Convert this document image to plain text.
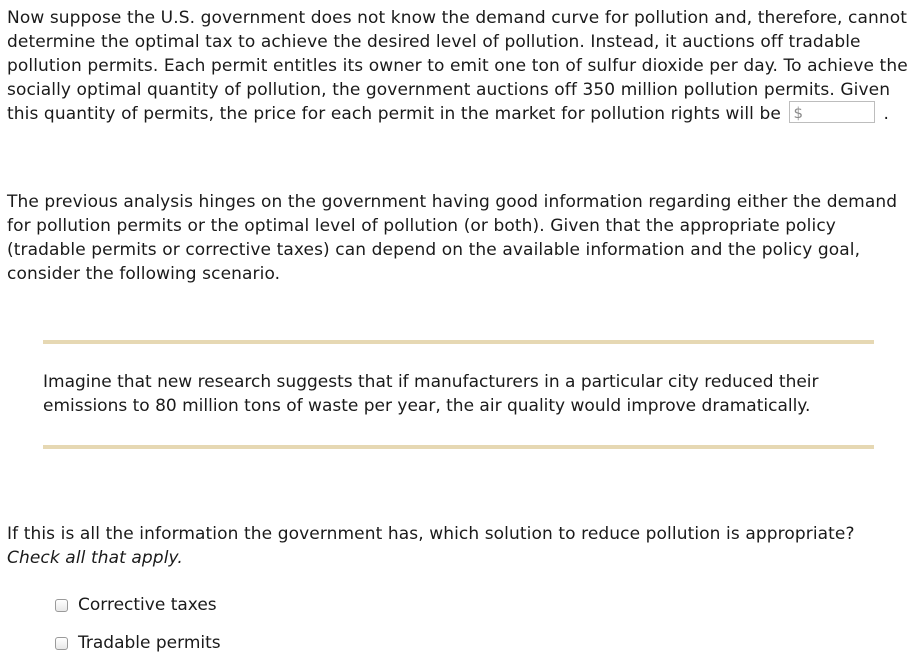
Now suppose the U.S. government does not know the demand curve for pollution and, therefore, cannot determine the optimal tax to achieve the desired level of pollution. Instead, it auctions off tradable pollution permits. Each permit entitles its owner to emit one ton of sulfur dioxide per day. To achieve the socially optimal quantity of pollution, the government auctions off 350 million pollution permits. Given this quantity of permits, the price for each permit in the market for pollution rights will be $	.

The previous analysis hinges on the government having good information regarding either the demand for pollution permits or the optimal level of pollution (or both). Given that the appropriate policy (tradable permits or corrective taxes) can depend on the available information and the policy goal, consider the following scenario.

Imagine that new research suggests that if manufacturers in a particular city reduced their emissions to 80 million tons of waste per year, the air quality would improve dramatically.

If this is all the information the government has, which solution to reduce pollution is appropriate? Check all that apply.

Corrective taxes
Tradable permits
